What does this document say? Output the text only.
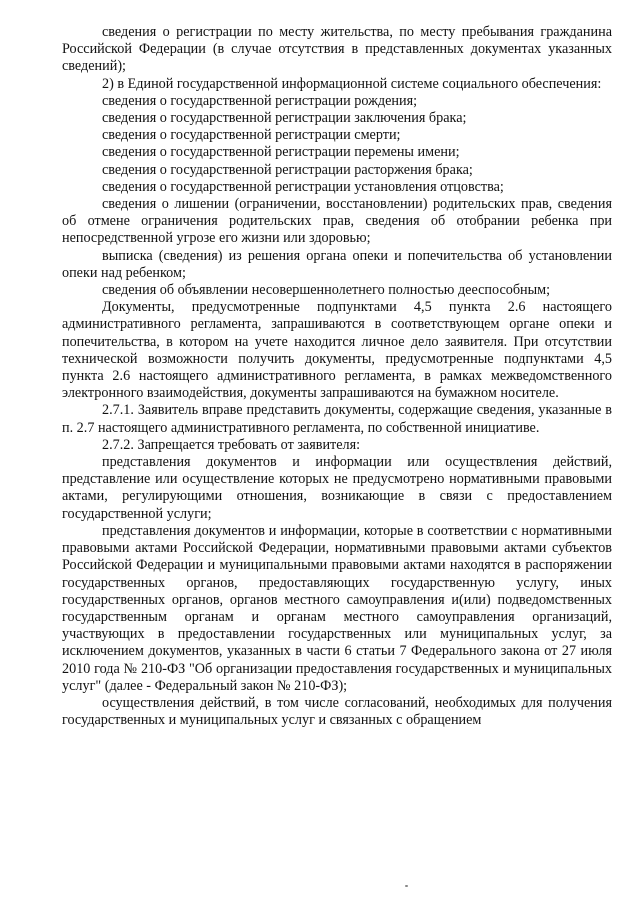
сведения о регистрации по месту жительства, по месту пребывания гражданина Российской Федерации (в случае отсутствия в представленных документах указанных сведений);

2) в Единой государственной информационной системе социального обеспечения:

сведения о государственной регистрации рождения;

сведения о государственной регистрации заключения брака;

сведения о государственной регистрации смерти;

сведения о государственной регистрации перемены имени;

сведения о государственной регистрации расторжения брака;

сведения о государственной регистрации установления отцовства;

сведения о лишении (ограничении, восстановлении) родительских прав, сведения об отмене ограничения родительских прав, сведения об отобрании ребенка при непосредственной угрозе его жизни или здоровью;

выписка (сведения) из решения органа опеки и попечительства об установлении опеки над ребенком;

сведения об объявлении несовершеннолетнего полностью дееспособным;

Документы, предусмотренные подпунктами 4,5 пункта 2.6 настоящего административного регламента, запрашиваются в соответствующем органе опеки и попечительства, в котором на учете находится личное дело заявителя. При отсутствии технической возможности получить документы, предусмотренные подпунктами 4,5 пункта 2.6 настоящего административного регламента, в рамках межведомственного электронного взаимодействия, документы запрашиваются на бумажном носителе.

2.7.1. Заявитель вправе представить документы, содержащие сведения, указанные в п. 2.7 настоящего административного регламента, по собственной инициативе.

2.7.2. Запрещается требовать от заявителя:

представления документов и информации или осуществления действий, представление или осуществление которых не предусмотрено нормативными правовыми актами, регулирующими отношения, возникающие в связи с предоставлением государственной услуги;

представления документов и информации, которые в соответствии с нормативными правовыми актами Российской Федерации, нормативными правовыми актами субъектов Российской Федерации и муниципальными правовыми актами находятся в распоряжении государственных органов, предоставляющих государственную услугу, иных государственных органов, органов местного самоуправления и(или) подведомственных государственным органам и органам местного самоуправления организаций, участвующих в предоставлении государственных или муниципальных услуг, за исключением документов, указанных в части 6 статьи 7 Федерального закона от 27 июля 2010 года № 210-ФЗ "Об организации предоставления государственных и муниципальных услуг" (далее - Федеральный закон № 210-ФЗ);

осуществления действий, в том числе согласований, необходимых для получения государственных и муниципальных услуг и связанных с обращением
